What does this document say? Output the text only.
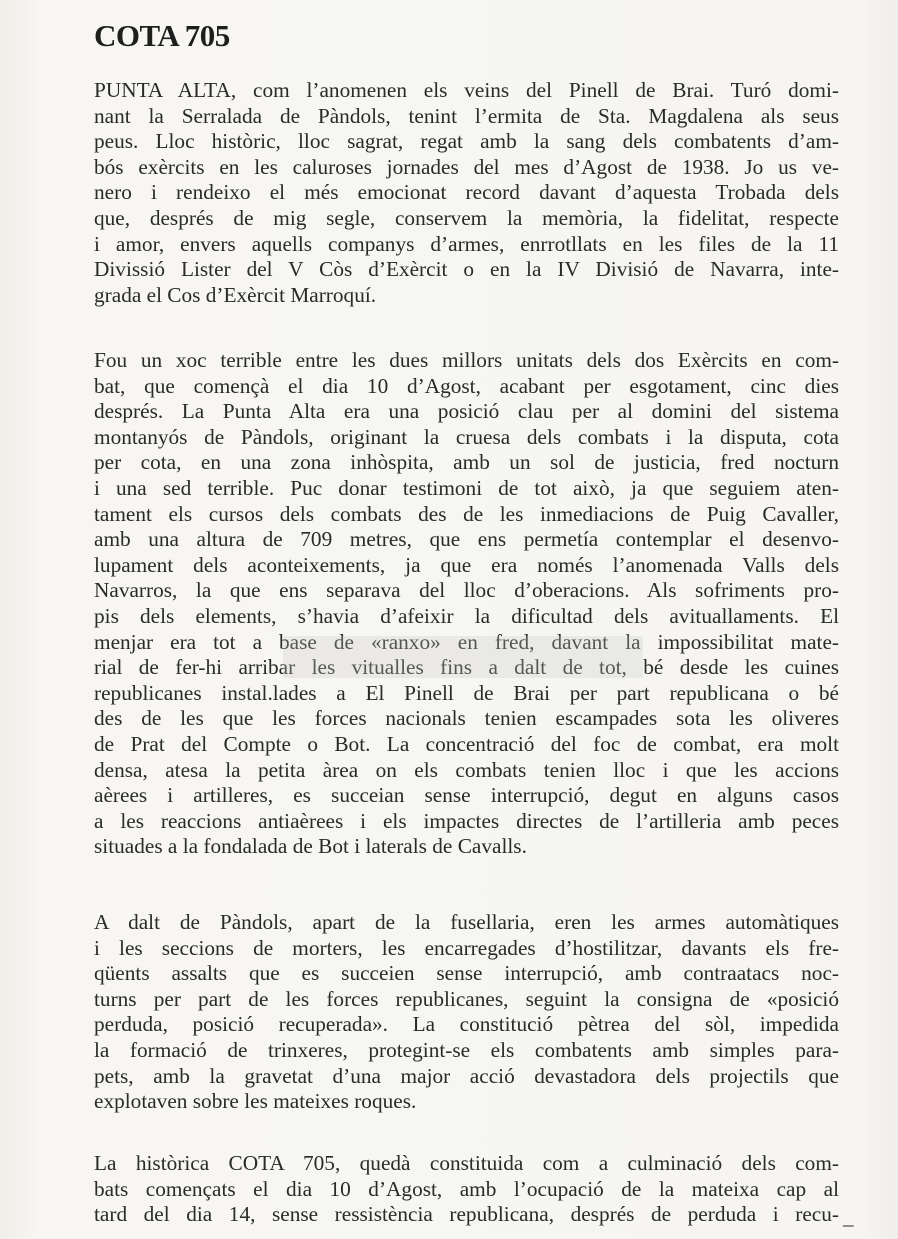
COTA 705
PUNTA ALTA, com l’anomenen els veins del Pinell de Brai. Turó domi-
nant la Serralada de Pàndols, tenint l’ermita de Sta. Magdalena als seus
peus. Lloc històric, lloc sagrat, regat amb la sang dels combatents d’am-
bós exèrcits en les caluroses jornades del mes d’Agost de 1938. Jo us ve-
nero i rendeixo el més emocionat record davant d’aquesta Trobada dels
que, després de mig segle, conservem la memòria, la fidelitat, respecte
i amor, envers aquells companys d’armes, enrrotllats en les files de la 11
Divissió Lister del V Còs d’Exèrcit o en la IV Divisió de Navarra, inte-
grada el Cos d’Exèrcit Marroquí.
Fou un xoc terrible entre les dues millors unitats dels dos Exèrcits en com-
bat, que començà el dia 10 d’Agost, acabant per esgotament, cinc dies
després. La Punta Alta era una posició clau per al domini del sistema
montanyós de Pàndols, originant la cruesa dels combats i la disputa, cota
per cota, en una zona inhòspita, amb un sol de justicia, fred nocturn
i una sed terrible. Puc donar testimoni de tot això, ja que seguiem aten-
tament els cursos dels combats des de les inmediacions de Puig Cavaller,
amb una altura de 709 metres, que ens permetía contemplar el desenvo-
lupament dels aconteixements, ja que era només l’anomenada Valls dels
Navarros, la que ens separava del lloc d’oberacions. Als sofriments pro-
pis dels elements, s’havia d’afeixir la dificultad dels avituallaments. El
menjar era tot a base de «ranxo» en fred, davant la impossibilitat mate-
rial de fer-hi arribar les vitualles fins a dalt de tot, bé desde les cuines
republicanes instal.lades a El Pinell de Brai per part republicana o bé
des de les que les forces nacionals tenien escampades sota les oliveres
de Prat del Compte o Bot. La concentració del foc de combat, era molt
densa, atesa la petita àrea on els combats tenien lloc i que les accions
aèrees i artilleres, es succeian sense interrupció, degut en alguns casos
a les reaccions antiaèrees i els impactes directes de l’artilleria amb peces
situades a la fondalada de Bot i laterals de Cavalls.
A dalt de Pàndols, apart de la fusellaria, eren les armes automàtiques
i les seccions de morters, les encarregades d’hostilitzar, davants els fre-
qüents assalts que es succeien sense interrupció, amb contraatacs noc-
turns per part de les forces republicanes, seguint la consigna de «posició
perduda, posició recuperada». La constitució pètrea del sòl, impedida
la formació de trinxeres, protegint-se els combatents amb simples para-
pets, amb la gravetat d’una major acció devastadora dels projectils que
explotaven sobre les mateixes roques.
La històrica COTA 705, quedà constituida com a culminació dels com-
bats començats el dia 10 d’Agost, amb l’ocupació de la mateixa cap al
tard del dia 14, sense ressistència republicana, després de perduda i recu- _
